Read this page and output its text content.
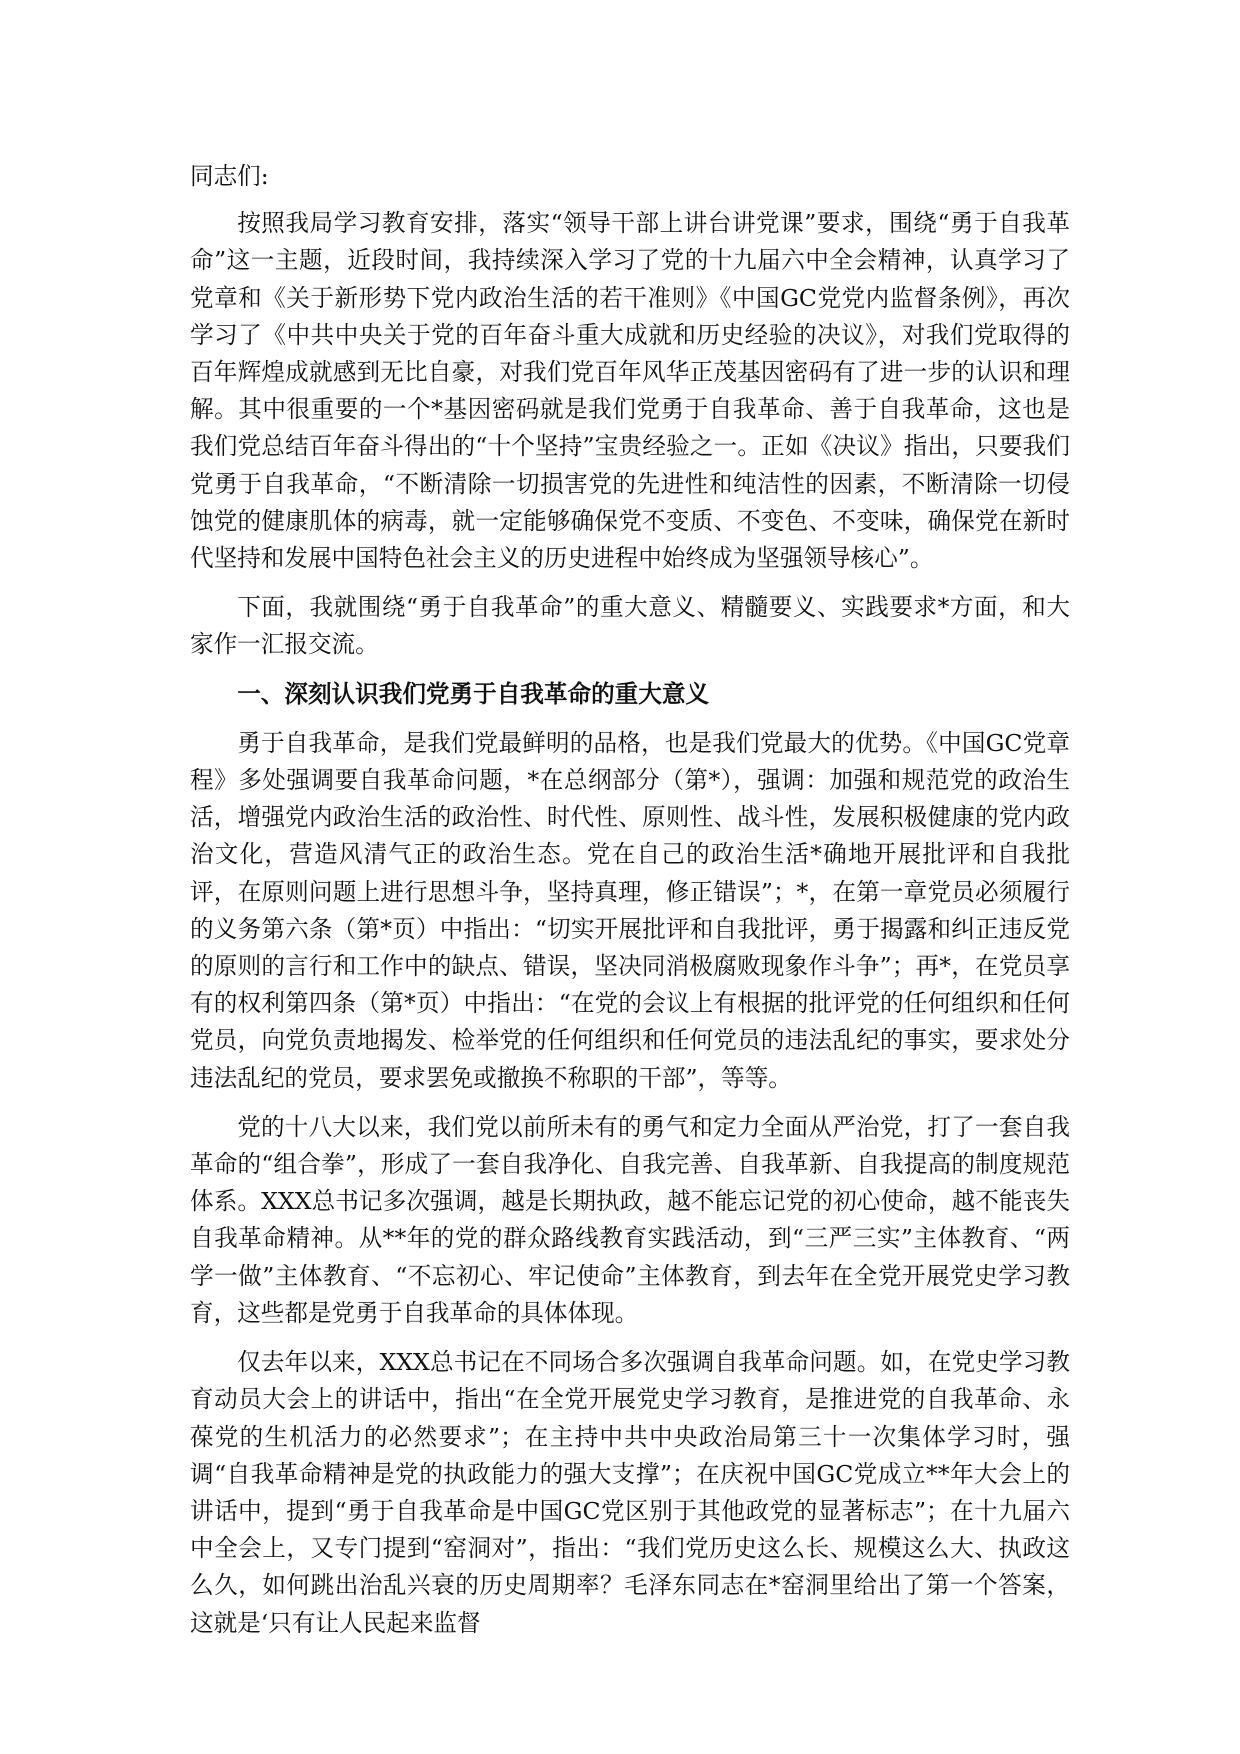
同志们:

按照我局学习教育安排，落实“领导干部上讲台讲党课”要求，围绕“勇于自我革命”这一主题，近段时间，我持续深入学习了党的十九届六中全会精神，认真学习了党章和《关于新形势下党内政治生活的若干准则》《中国GC党党内监督条例》，再次学习了《中共中央关于党的百年奋斗重大成就和历史经验的决议》，对我们党取得的百年辉煌成就感到无比自豪，对我们党百年风华正茂基因密码有了进一步的认识和理解。其中很重要的一个*基因密码就是我们党勇于自我革命、善于自我革命，这也是我们党总结百年奋斗得出的“十个坚持”宝贵经验之一。正如《决议》指出，只要我们党勇于自我革命，“不断清除一切损害党的先进性和纯洁性的因素，不断清除一切侵蚀党的健康肌体的病毒，就一定能够确保党不变质、不变色、不变味，确保党在新时代坚持和发展中国特色社会主义的历史进程中始终成为坚强领导核心”。

下面，我就围绕“勇于自我革命”的重大意义、精髓要义、实践要求*方面，和大家作一汇报交流。

一、深刻认识我们党勇于自我革命的重大意义

勇于自我革命，是我们党最鲜明的品格，也是我们党最大的优势。《中国GC党章程》多处强调要自我革命问题，*在总纲部分（第*），强调：加强和规范党的政治生活，增强党内政治生活的政治性、时代性、原则性、战斗性，发展积极健康的党内政治文化，营造风清气正的政治生态。党在自己的政治生活*确地开展批评和自我批评，在原则问题上进行思想斗争，坚持真理，修正错误”；*，在第一章党员必须履行的义务第六条（第*页）中指出：“切实开展批评和自我批评，勇于揭露和纠正违反党的原则的言行和工作中的缺点、错误，坚决同消极腐败现象作斗争”；再*，在党员享有的权利第四条（第*页）中指出：“在党的会议上有根据的批评党的任何组织和任何党员，向党负责地揭发、检举党的任何组织和任何党员的违法乱纪的事实，要求处分违法乱纪的党员，要求罢免或撤换不称职的干部”，等等。

党的十八大以来，我们党以前所未有的勇气和定力全面从严治党，打了一套自我革命的“组合拳”，形成了一套自我净化、自我完善、自我革新、自我提高的制度规范体系。XXX总书记多次强调，越是长期执政，越不能忘记党的初心使命，越不能丧失自我革命精神。从**年的党的群众路线教育实践活动，到“三严三实”主体教育、“两学一做”主体教育、“不忘初心、牢记使命”主体教育，到去年在全党开展党史学习教育，这些都是党勇于自我革命的具体体现。

仅去年以来，XXX总书记在不同场合多次强调自我革命问题。如，在党史学习教育动员大会上的讲话中，指出“在全党开展党史学习教育，是推进党的自我革命、永葆党的生机活力的必然要求”；在主持中共中央政治局第三十一次集体学习时，强调“自我革命精神是党的执政能力的强大支撑”；在庆祝中国GC党成立**年大会上的讲话中，提到“勇于自我革命是中国GC党区别于其他政党的显著标志”；在十九届六中全会上，又专门提到“窑洞对”，指出：“我们党历史这么长、规模这么大、执政这么久，如何跳出治乱兴衰的历史周期率？毛泽东同志在*窑洞里给出了第一个答案，这就是‘只有让人民起来监督
